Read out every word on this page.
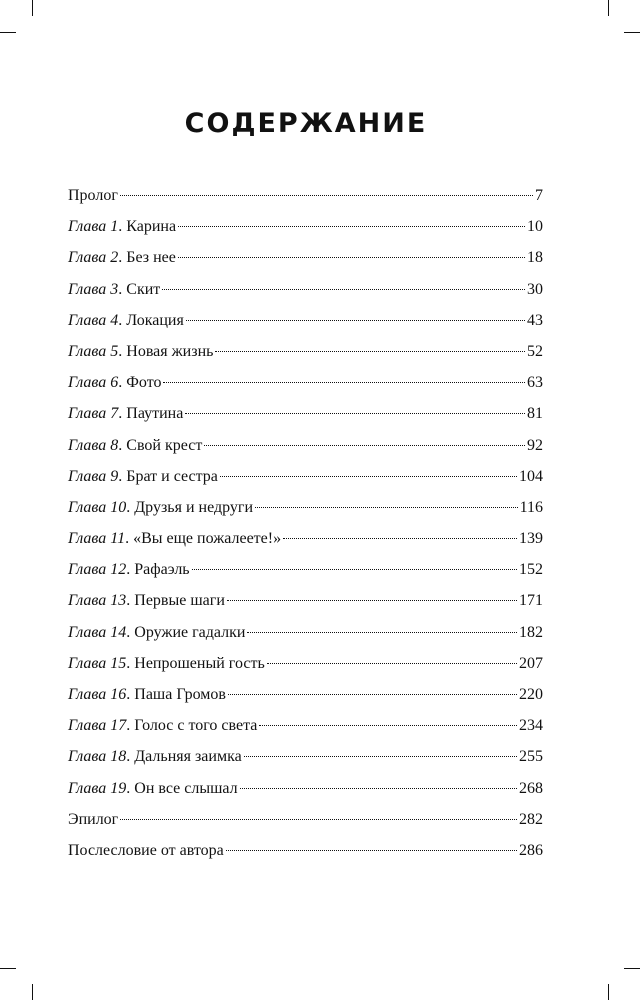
СОДЕРЖАНИЕ
Пролог	7
Глава 1. Карина	10
Глава 2. Без нее	18
Глава 3. Скит	30
Глава 4. Локация	43
Глава 5. Новая жизнь	52
Глава 6. Фото	63
Глава 7. Паутина	81
Глава 8. Свой крест	92
Глава 9. Брат и сестра	104
Глава 10. Друзья и недруги	116
Глава 11. «Вы еще пожалеете!»	139
Глава 12. Рафаэль	152
Глава 13. Первые шаги	171
Глава 14. Оружие гадалки	182
Глава 15. Непрошеный гость	207
Глава 16. Паша Громов	220
Глава 17. Голос с того света	234
Глава 18. Дальняя заимка	255
Глава 19. Он все слышал	268
Эпилог	282
Послесловие от автора	286
